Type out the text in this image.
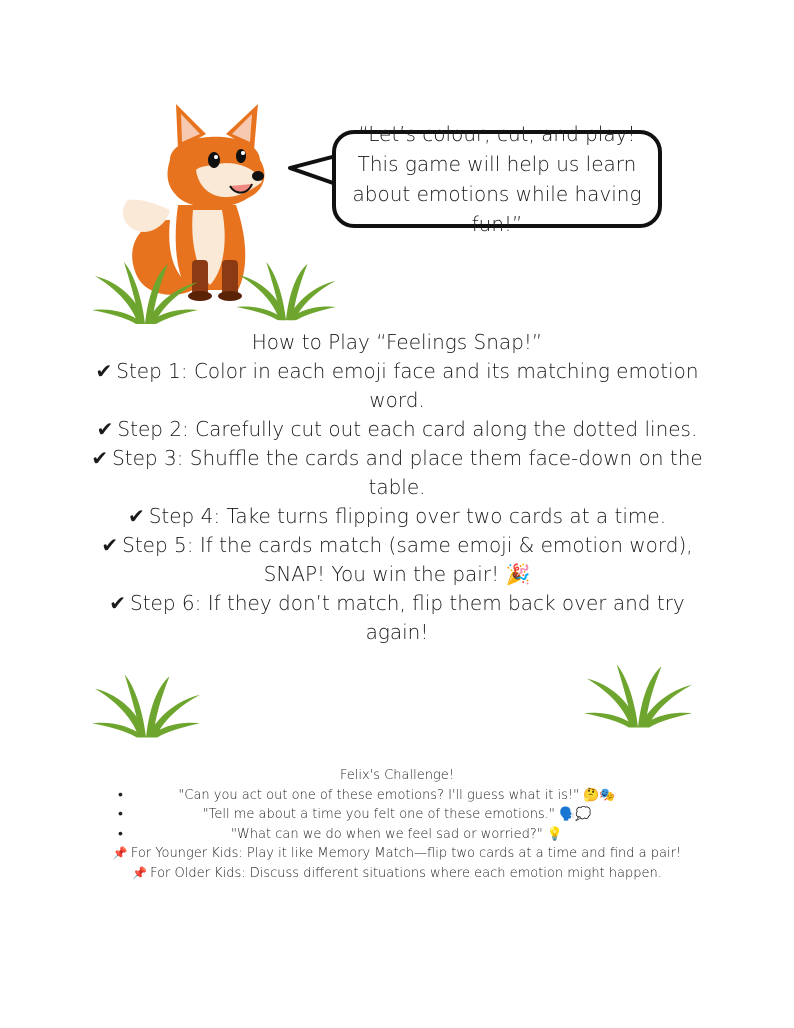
“Let’s colour, cut, and play! This game will help us learn about emotions while having fun!”
How to Play “Feelings Snap!”
✔ Step 1: Color in each emoji face and its matching emotion word.
✔ Step 2: Carefully cut out each card along the dotted lines.
✔ Step 3: Shuffle the cards and place them face-down on the table.
✔ Step 4: Take turns flipping over two cards at a time.
✔ Step 5: If the cards match (same emoji & emotion word), SNAP! You win the pair! 🎉
✔ Step 6: If they don’t match, flip them back over and try again!
Felix's Challenge!
•	"Can you act out one of these emotions? I'll guess what it is!" 🤔🎭
•	"Tell me about a time you felt one of these emotions." 🗣️💭
•	"What can we do when we feel sad or worried?" 💡
📌 For Younger Kids: Play it like Memory Match—flip two cards at a time and find a pair!
📌 For Older Kids: Discuss different situations where each emotion might happen.
